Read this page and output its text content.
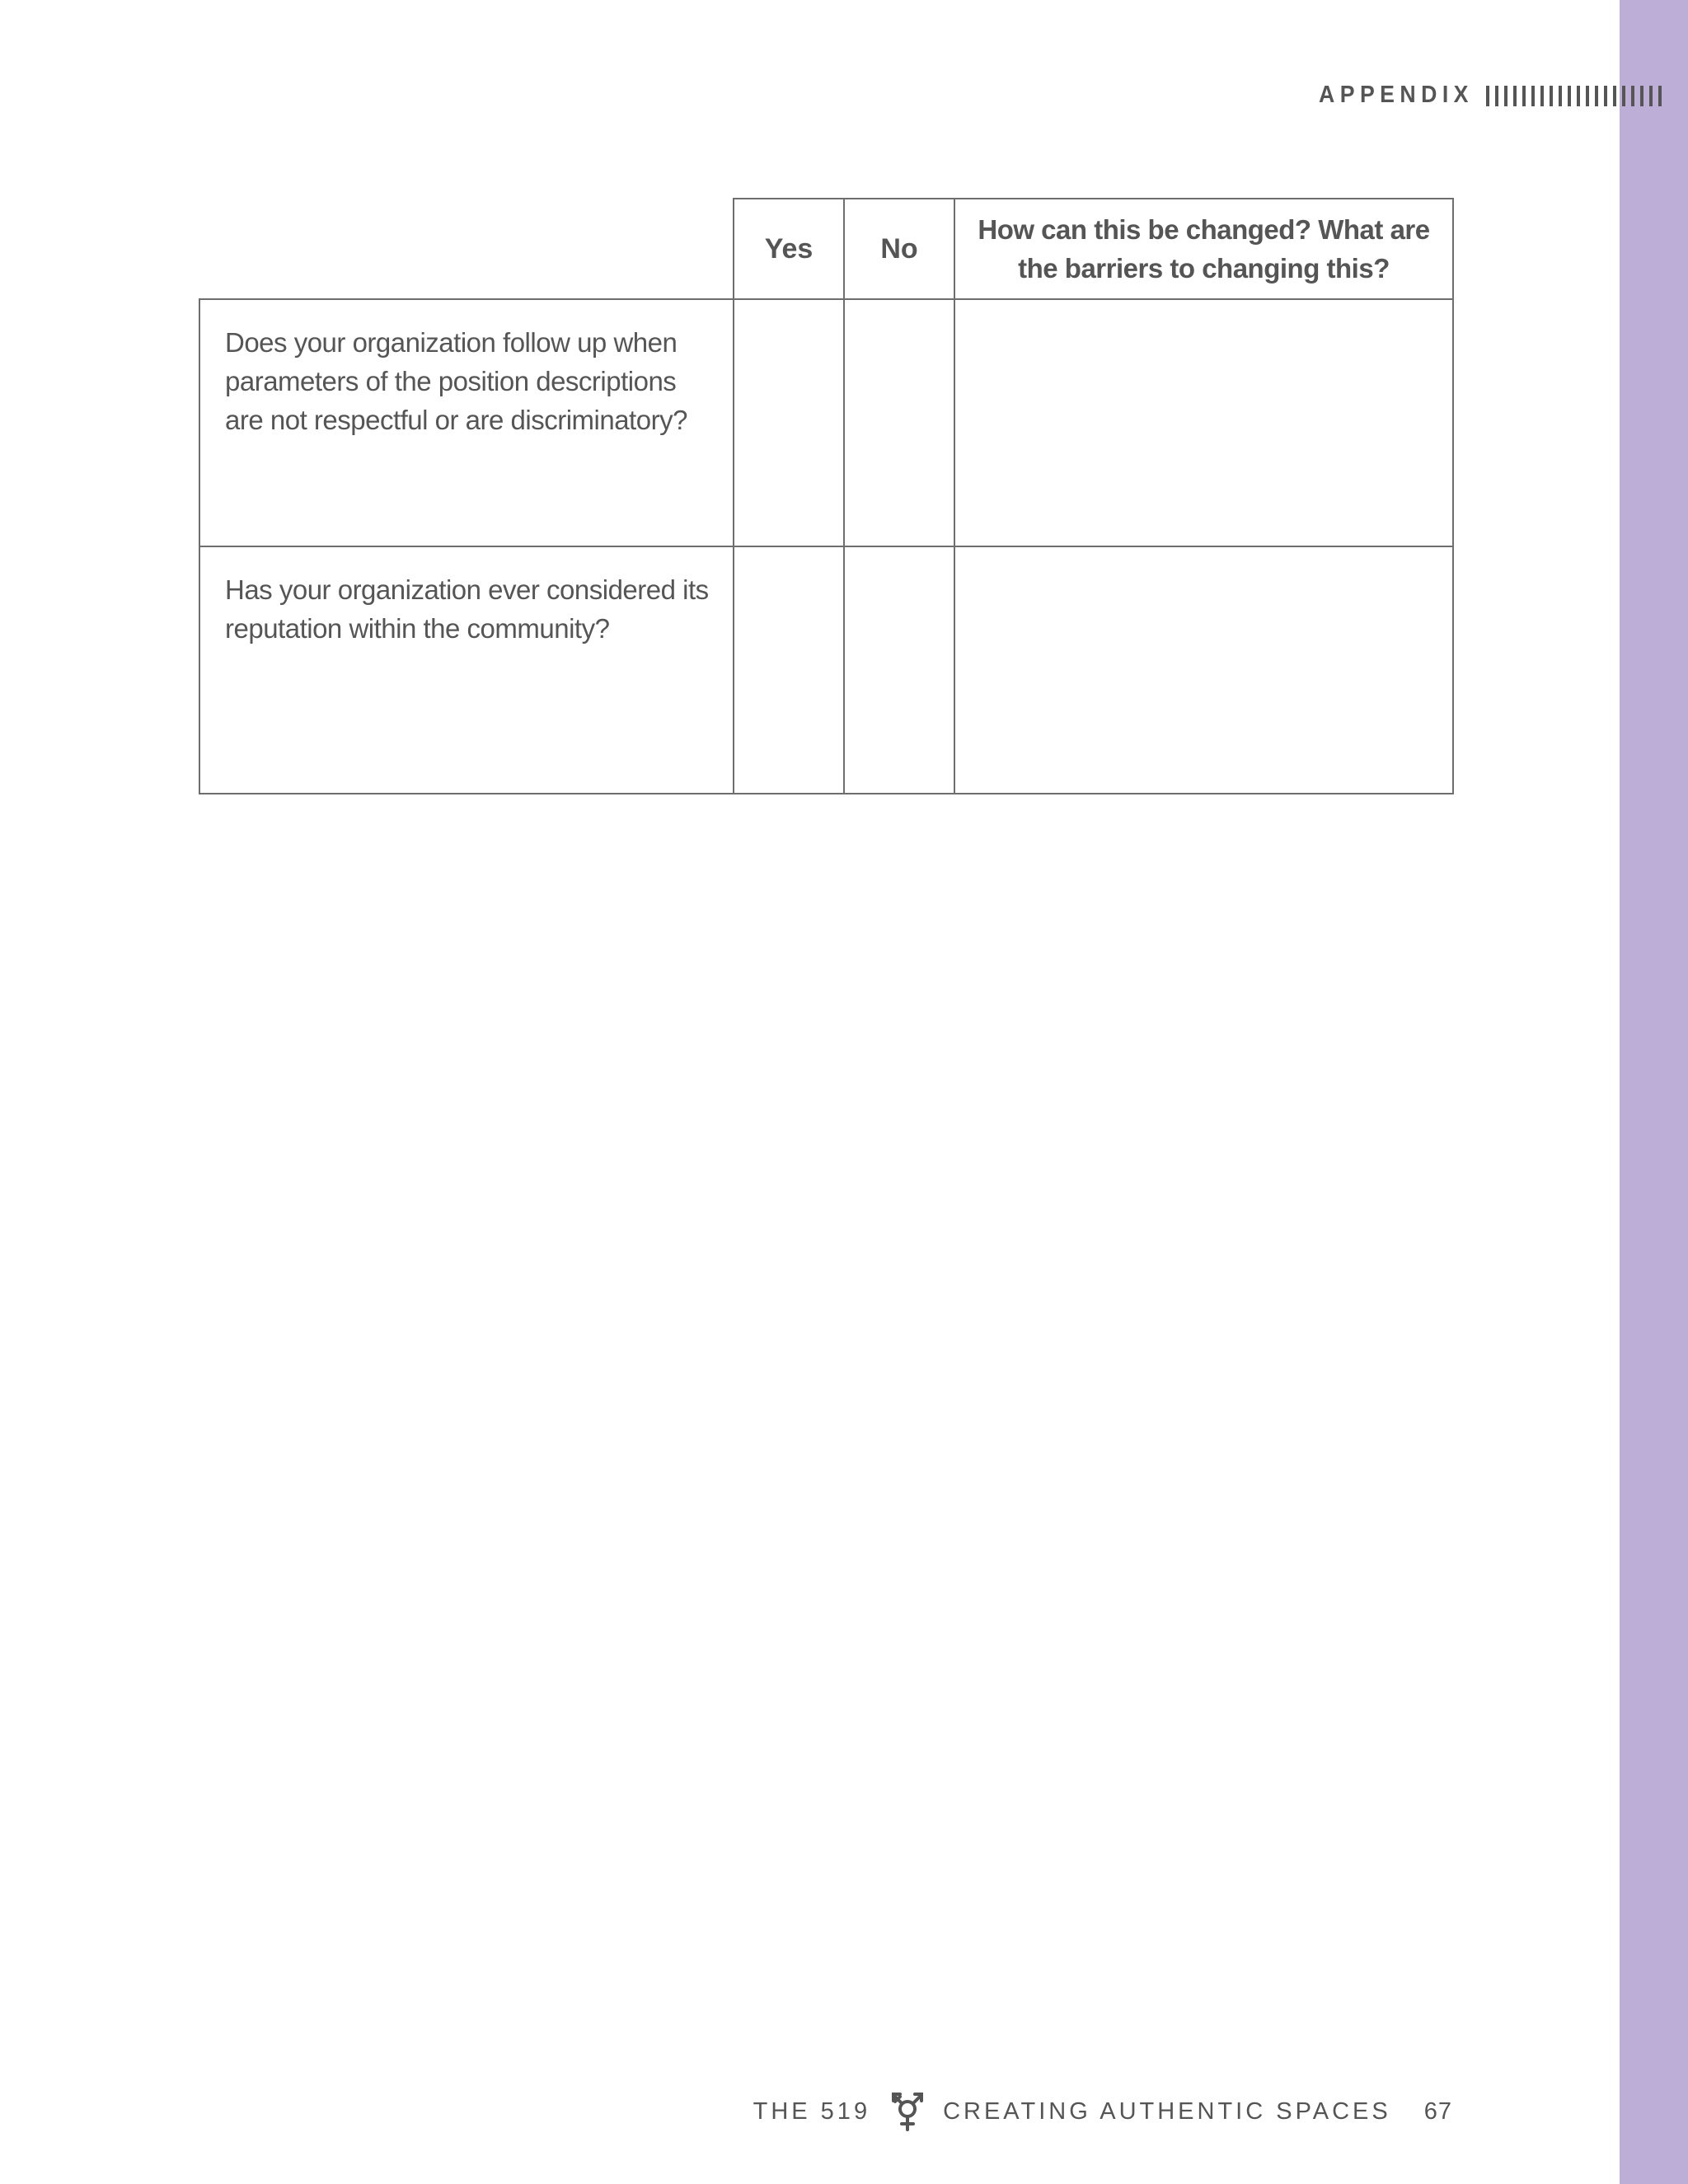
APPENDIX
	Yes	No	How can this be changed? What are the barriers to changing this?
Does your organization follow up when parameters of the position descriptions are not respectful or are discriminatory?			
Has your organization ever considered its reputation within the community?			
THE 519	CREATING AUTHENTIC SPACES 67
